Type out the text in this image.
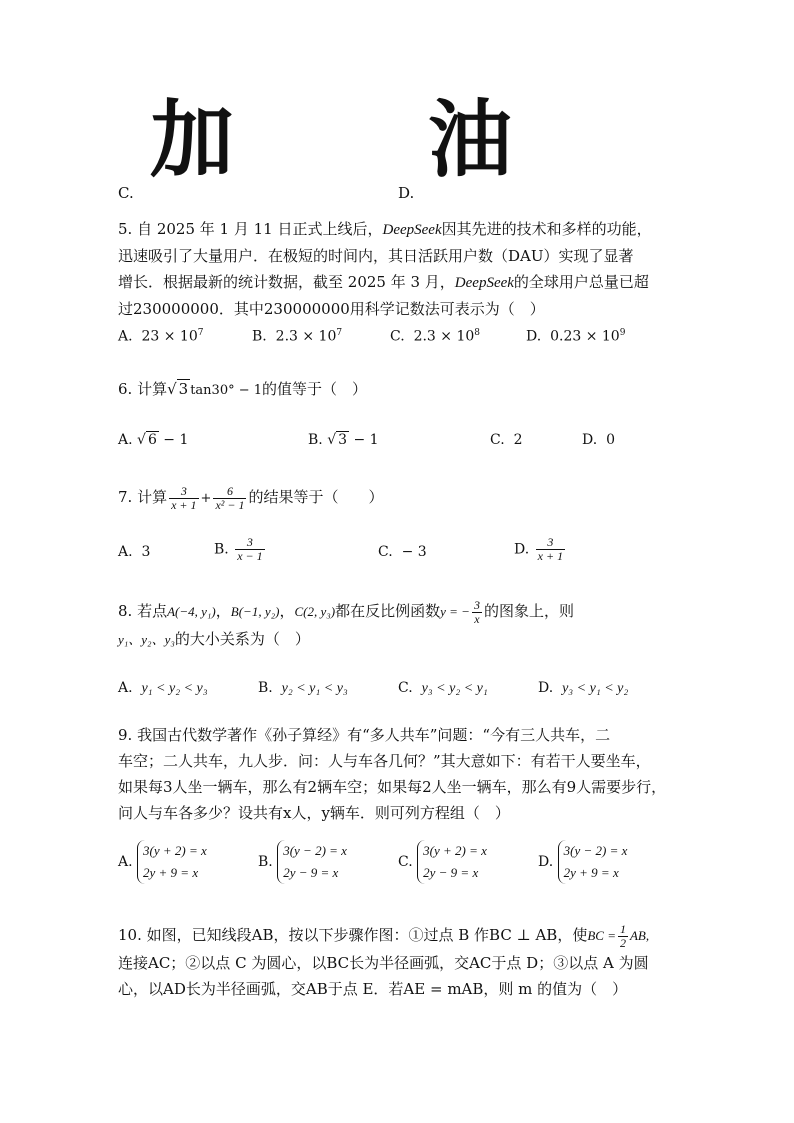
加 油
C.	D.
5. 自 2025 年 1 月 11 日正式上线后，DeepSeek因其先进的技术和多样的功能，
迅速吸引了大量用户．在极短的时间内，其日活跃用户数（DAU）实现了显著
增长．根据最新的统计数据，截至 2025 年 3 月，DeepSeek的全球用户总量已超
过230000000．其中230000000用科学记数法可表示为（　）
A. $23 \times 10^7$	B. $2.3 \times 10^7$	C. $2.3 \times 10^8$	D. $0.23 \times 10^9$
6. 计算√ 3 tan30° − 1的值等于（　）
A. √ 6 − 1	B. √ 3 − 1	C. 2	D. 0
7. 计算 $\frac{3}{x + 1} + \frac{6}{\text{x² − 1}}$ 的结果等于（　　）
A. 3	B. $\frac{3}{x - 1}$	C. − 3	D. $\frac{3}{x + 1}$
8. 若点A(−4, y₁)，B(−1, y₂)，C(2, y₃)都在反比例函数y = − $\frac{3}{x}$ 的图象上，则
y₁、y₂、y₃的大小关系为（　）
A. y₁ < y₂ < y₃	B. y₂ < y₁ < y₃	C. y₃ < y₂ < y₁	D. y₃ < y₁ < y₂
9. 我国古代数学著作《孙子算经》有“多人共车”问题：“今有三人共车，二
车空；二人共车，九人步．问：人与车各几何？”其大意如下：有若干人要坐车，
如果每3人坐一辆车，那么有2辆车空；如果每2人坐一辆车，那么有9人需要步行，
问人与车各多少？设共有x人，y辆车．则可列方程组（　）
A.
3(y + 2) = x
2y + 9 = x
B.
3(y − 2) = x
2y − 9 = x
C.
3(y + 2) = x
2y − 9 = x
D.
3(y − 2) = x
2y + 9 = x
10. 如图，已知线段AB，按以下步骤作图：①过点 B 作BC ⊥ AB，使BC = $\frac{1}{2}$ AB,
连接AC；②以点 C 为圆心，以BC长为半径画弧，交AC于点 D；③以点 A 为圆
心，以AD长为半径画弧，交AB于点 E．若AE = mAB，则 m 的值为（　）
